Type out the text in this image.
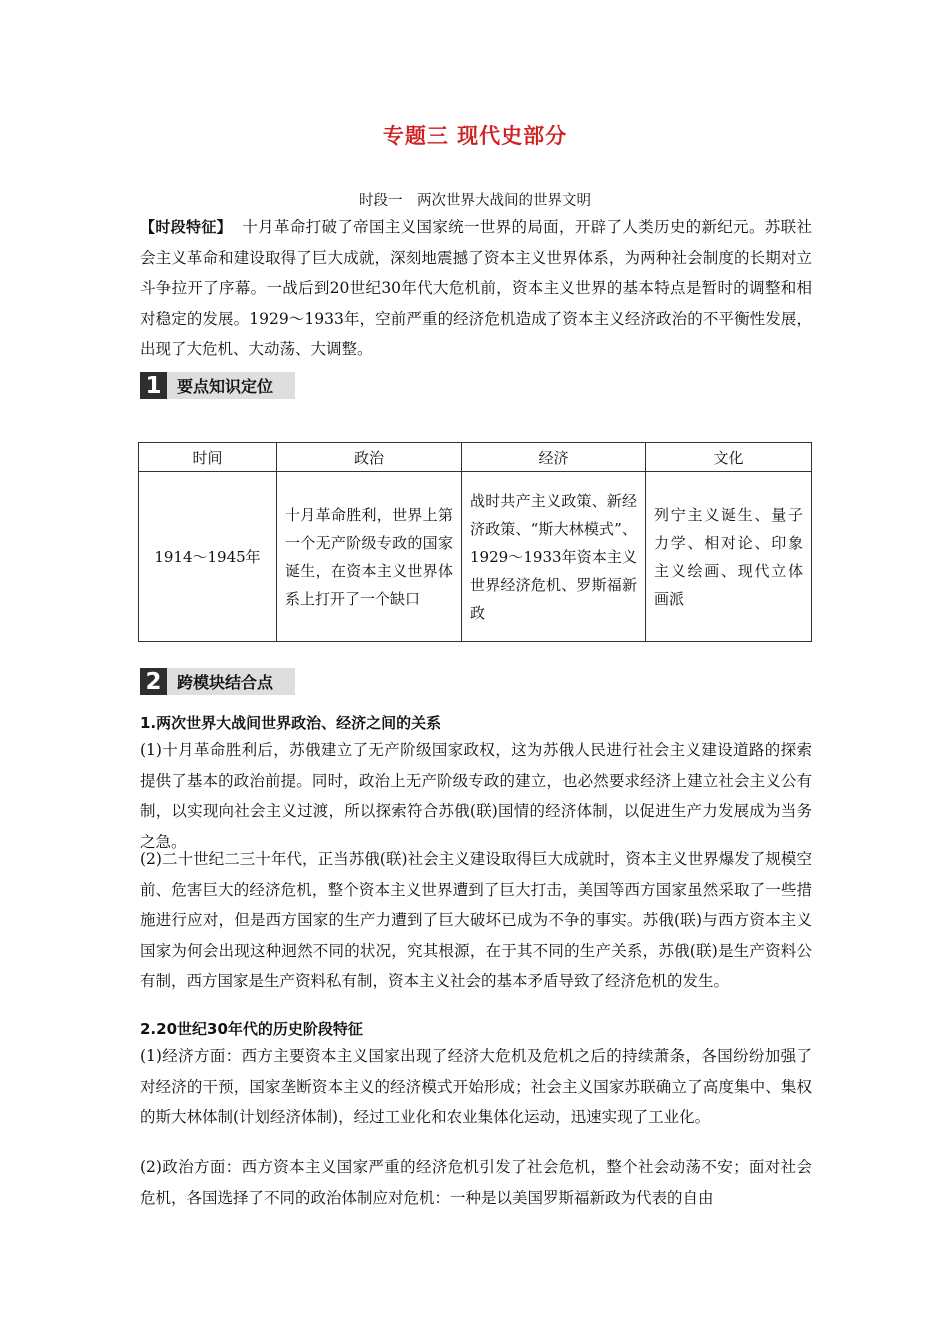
专题三 现代史部分
时段一　两次世界大战间的世界文明
【时段特征】 十月革命打破了帝国主义国家统一世界的局面，开辟了人类历史的新纪元。苏联社会主义革命和建设取得了巨大成就，深刻地震撼了资本主义世界体系，为两种社会制度的长期对立斗争拉开了序幕。一战后到20世纪30年代大危机前，资本主义世界的基本特点是暂时的调整和相对稳定的发展。1929～1933年，空前严重的经济危机造成了资本主义经济政治的不平衡性发展，出现了大危机、大动荡、大调整。
1 要点知识定位
时间	政治	经济	文化
1914～1945年	十月革命胜利，世界上第一个无产阶级专政的国家诞生，在资本主义世界体系上打开了一个缺口	战时共产主义政策、新经济政策、“斯大林模式”、1929～1933年资本主义世界经济危机、罗斯福新政	列宁主义诞生、量子力学、相对论、印象主义绘画、现代立体画派
2 跨模块结合点
1.两次世界大战间世界政治、经济之间的关系
(1)十月革命胜利后，苏俄建立了无产阶级国家政权，这为苏俄人民进行社会主义建设道路的探索提供了基本的政治前提。同时，政治上无产阶级专政的建立，也必然要求经济上建立社会主义公有制，以实现向社会主义过渡，所以探索符合苏俄(联)国情的经济体制，以促进生产力发展成为当务之急。
(2)二十世纪二三十年代，正当苏俄(联)社会主义建设取得巨大成就时，资本主义世界爆发了规模空前、危害巨大的经济危机，整个资本主义世界遭到了巨大打击，美国等西方国家虽然采取了一些措施进行应对，但是西方国家的生产力遭到了巨大破坏已成为不争的事实。苏俄(联)与西方资本主义国家为何会出现这种迥然不同的状况，究其根源，在于其不同的生产关系，苏俄(联)是生产资料公有制，西方国家是生产资料私有制，资本主义社会的基本矛盾导致了经济危机的发生。
2.20世纪30年代的历史阶段特征
(1)经济方面：西方主要资本主义国家出现了经济大危机及危机之后的持续萧条，各国纷纷加强了对经济的干预，国家垄断资本主义的经济模式开始形成；社会主义国家苏联确立了高度集中、集权的斯大林体制(计划经济体制)，经过工业化和农业集体化运动，迅速实现了工业化。
(2)政治方面：西方资本主义国家严重的经济危机引发了社会危机，整个社会动荡不安；面对社会危机，各国选择了不同的政治体制应对危机：一种是以美国罗斯福新政为代表的自由
